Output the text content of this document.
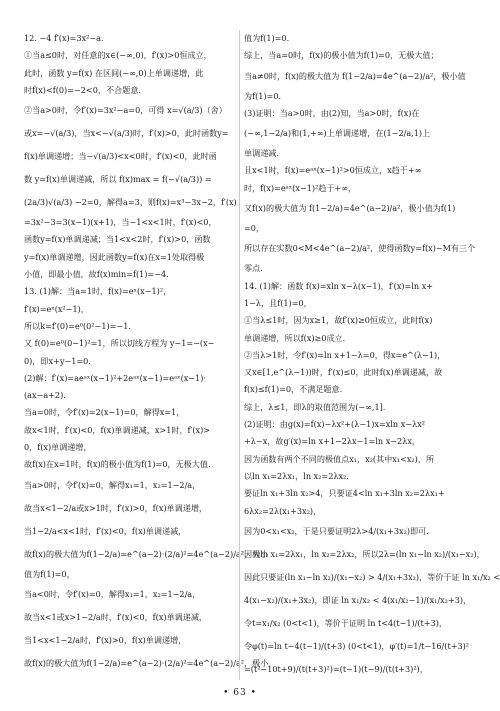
12. −4 f′(x)=3x²−a.
①当a≤0时，对任意的x∈(−∞,0)，f′(x)>0恒成立，
此时，函数 y=f(x) 在区间(−∞,0)上单调递增，此
时f(x)<f(0)=−2<0，不合题意.
②当a>0时，令f′(x)=3x²−a=0，可得 x=√(a/3)（舍）
或x=−√(a/3)，当x<−√(a/3)时，f′(x)>0，此时函数y=
f(x)单调递增；当−√(a/3)<x<0时，f′(x)<0，此时函
数 y=f(x)单调递减，所以 f(x)max = f(−√(a/3)) =
(2a/3)√(a/3) −2=0，解得a=3，则f(x)=x³−3x−2，f′(x)
=3x²−3=3(x−1)(x+1)，当−1<x<1时，f′(x)<0，
函数y=f(x)单调递减；当1<x<2时，f′(x)>0，函数
y=f(x)单调递增，因此函数y=f(x)在x=1处取得极
小值，即最小值，故f(x)min=f(1)=−4.
13. (1)解：当a=1时，f(x)=eˣ(x−1)²，
f′(x)=eˣ(x²−1)，
所以k=f′(0)=e⁰(0²−1)=−1.
又 f(0)=e⁰(0−1)²=1，所以切线方程为 y−1=−(x−
0)，即x+y−1=0.
(2)解：f′(x)=aeᵃˣ(x−1)²+2eᵃˣ(x−1)=eᵃˣ(x−1)·
(ax−a+2).
当a=0时，令f′(x)=2(x−1)=0，解得x=1，
故x<1时，f′(x)<0，f(x)单调递减，x>1时，f′(x)>
0，f(x)单调递增，
故f(x)在x=1时，f(x)的极小值为f(1)=0，无极大值.
当a>0时，令f′(x)=0，解得x₁=1，x₂=1−2/a，
故当x<1−2/a或x>1时，f′(x)>0，f(x)单调递增，
当1−2/a<x<1时，f′(x)<0，f(x)单调递减，
故f(x)的极大值为f(1−2/a)=e^(a−2)·(2/a)²=4e^(a−2)/a²，极小
值为f(1)=0，
当a<0时，令f′(x)=0，解得x₁=1，x₂=1−2/a，
故当x<1或x>1−2/a时，f′(x)<0，f(x)单调递减，
当1<x<1−2/a时，f′(x)>0，f(x)单调递增，
故f(x)的极大值为f(1−2/a)=e^(a−2)·(2/a)²=4e^(a−2)/a²，极小
值为f(1)=0.
综上，当a=0时，f(x)的极小值为f(1)=0，无极大值；
当a≠0时，f(x)的极大值为 f(1−2/a)=4e^(a−2)/a²，极小值
为f(1)=0.
(3)证明：当a>0时，由(2)知，当a>0时，f(x)在
(−∞,1−2/a)和(1,+∞)上单调递增，在(1−2/a,1)上
单调递减.
且x<1时，f(x)=eᵃˣ(x−1)²>0恒成立，x趋于+∞
时，f(x)=eᵃˣ(x−1)²趋于+∞，
又f(x)的极大值为 f(1−2/a)=4e^(a−2)/a²，极小值为f(1)
=0，
所以存在实数0<M<4e^(a−2)/a²，使得函数y=f(x)−M有三个
零点.
14. (1)解：函数 f(x)=xln x−λ(x−1)，f′(x)=ln x+
1−λ，且f(1)=0，
①当λ≤1时，因为x≥1，故f′(x)≥0恒成立，此时f(x)
单调递增，所以f(x)≥0成立.
②当λ>1时，令f′(x)=ln x+1−λ=0，得x=e^(λ−1)，
又x∈[1,e^(λ−1))时，f′(x)≤0，此时f(x)单调递减，故
f(x)≤f(1)=0，不满足题意.
综上，λ≤1，即λ的取值范围为(−∞,1].
(2)证明：由g(x)=f(x)−λx²+(λ−1)x=xln x−λx²
+λ−x，故g′(x)=ln x+1−2λx−1=ln x−2λx，
因为函数有两个不同的极值点x₁，x₂(其中x₁<x₂)，所
以ln x₁=2λx₁，ln x₂=2λx₂.
要证ln x₁+3ln x₂>4，只要证4<ln x₁+3ln x₂=2λx₁+
6λx₂=2λ(x₁+3x₂)，
因为0<x₁<x₂，于是只要证明2λ>4/(x₁+3x₂)即可.
因为ln x₁=2λx₁，ln x₂=2λx₂，所以2λ=(ln x₁−ln x₂)/(x₁−x₂)，
因此只要证(ln x₁−ln x₂)/(x₁−x₂) > 4/(x₁+3x₂)，等价于证 ln x₁/x₂ <
4(x₁−x₂)/(x₁+3x₂)，即证 ln x₁/x₂ < 4(x₁/x₂−1)/(x₁/x₂+3)，
令t=x₁/x₂ (0<t<1)，等价于证明 ln t<4(t−1)/(t+3)，
令φ(t)=ln t−4(t−1)/(t+3) (0<t<1)，φ′(t)=1/t−16/(t+3)²
=(t²−10t+9)/(t(t+3)²)=(t−1)(t−9)/(t(t+3)²)，
• 63 •
